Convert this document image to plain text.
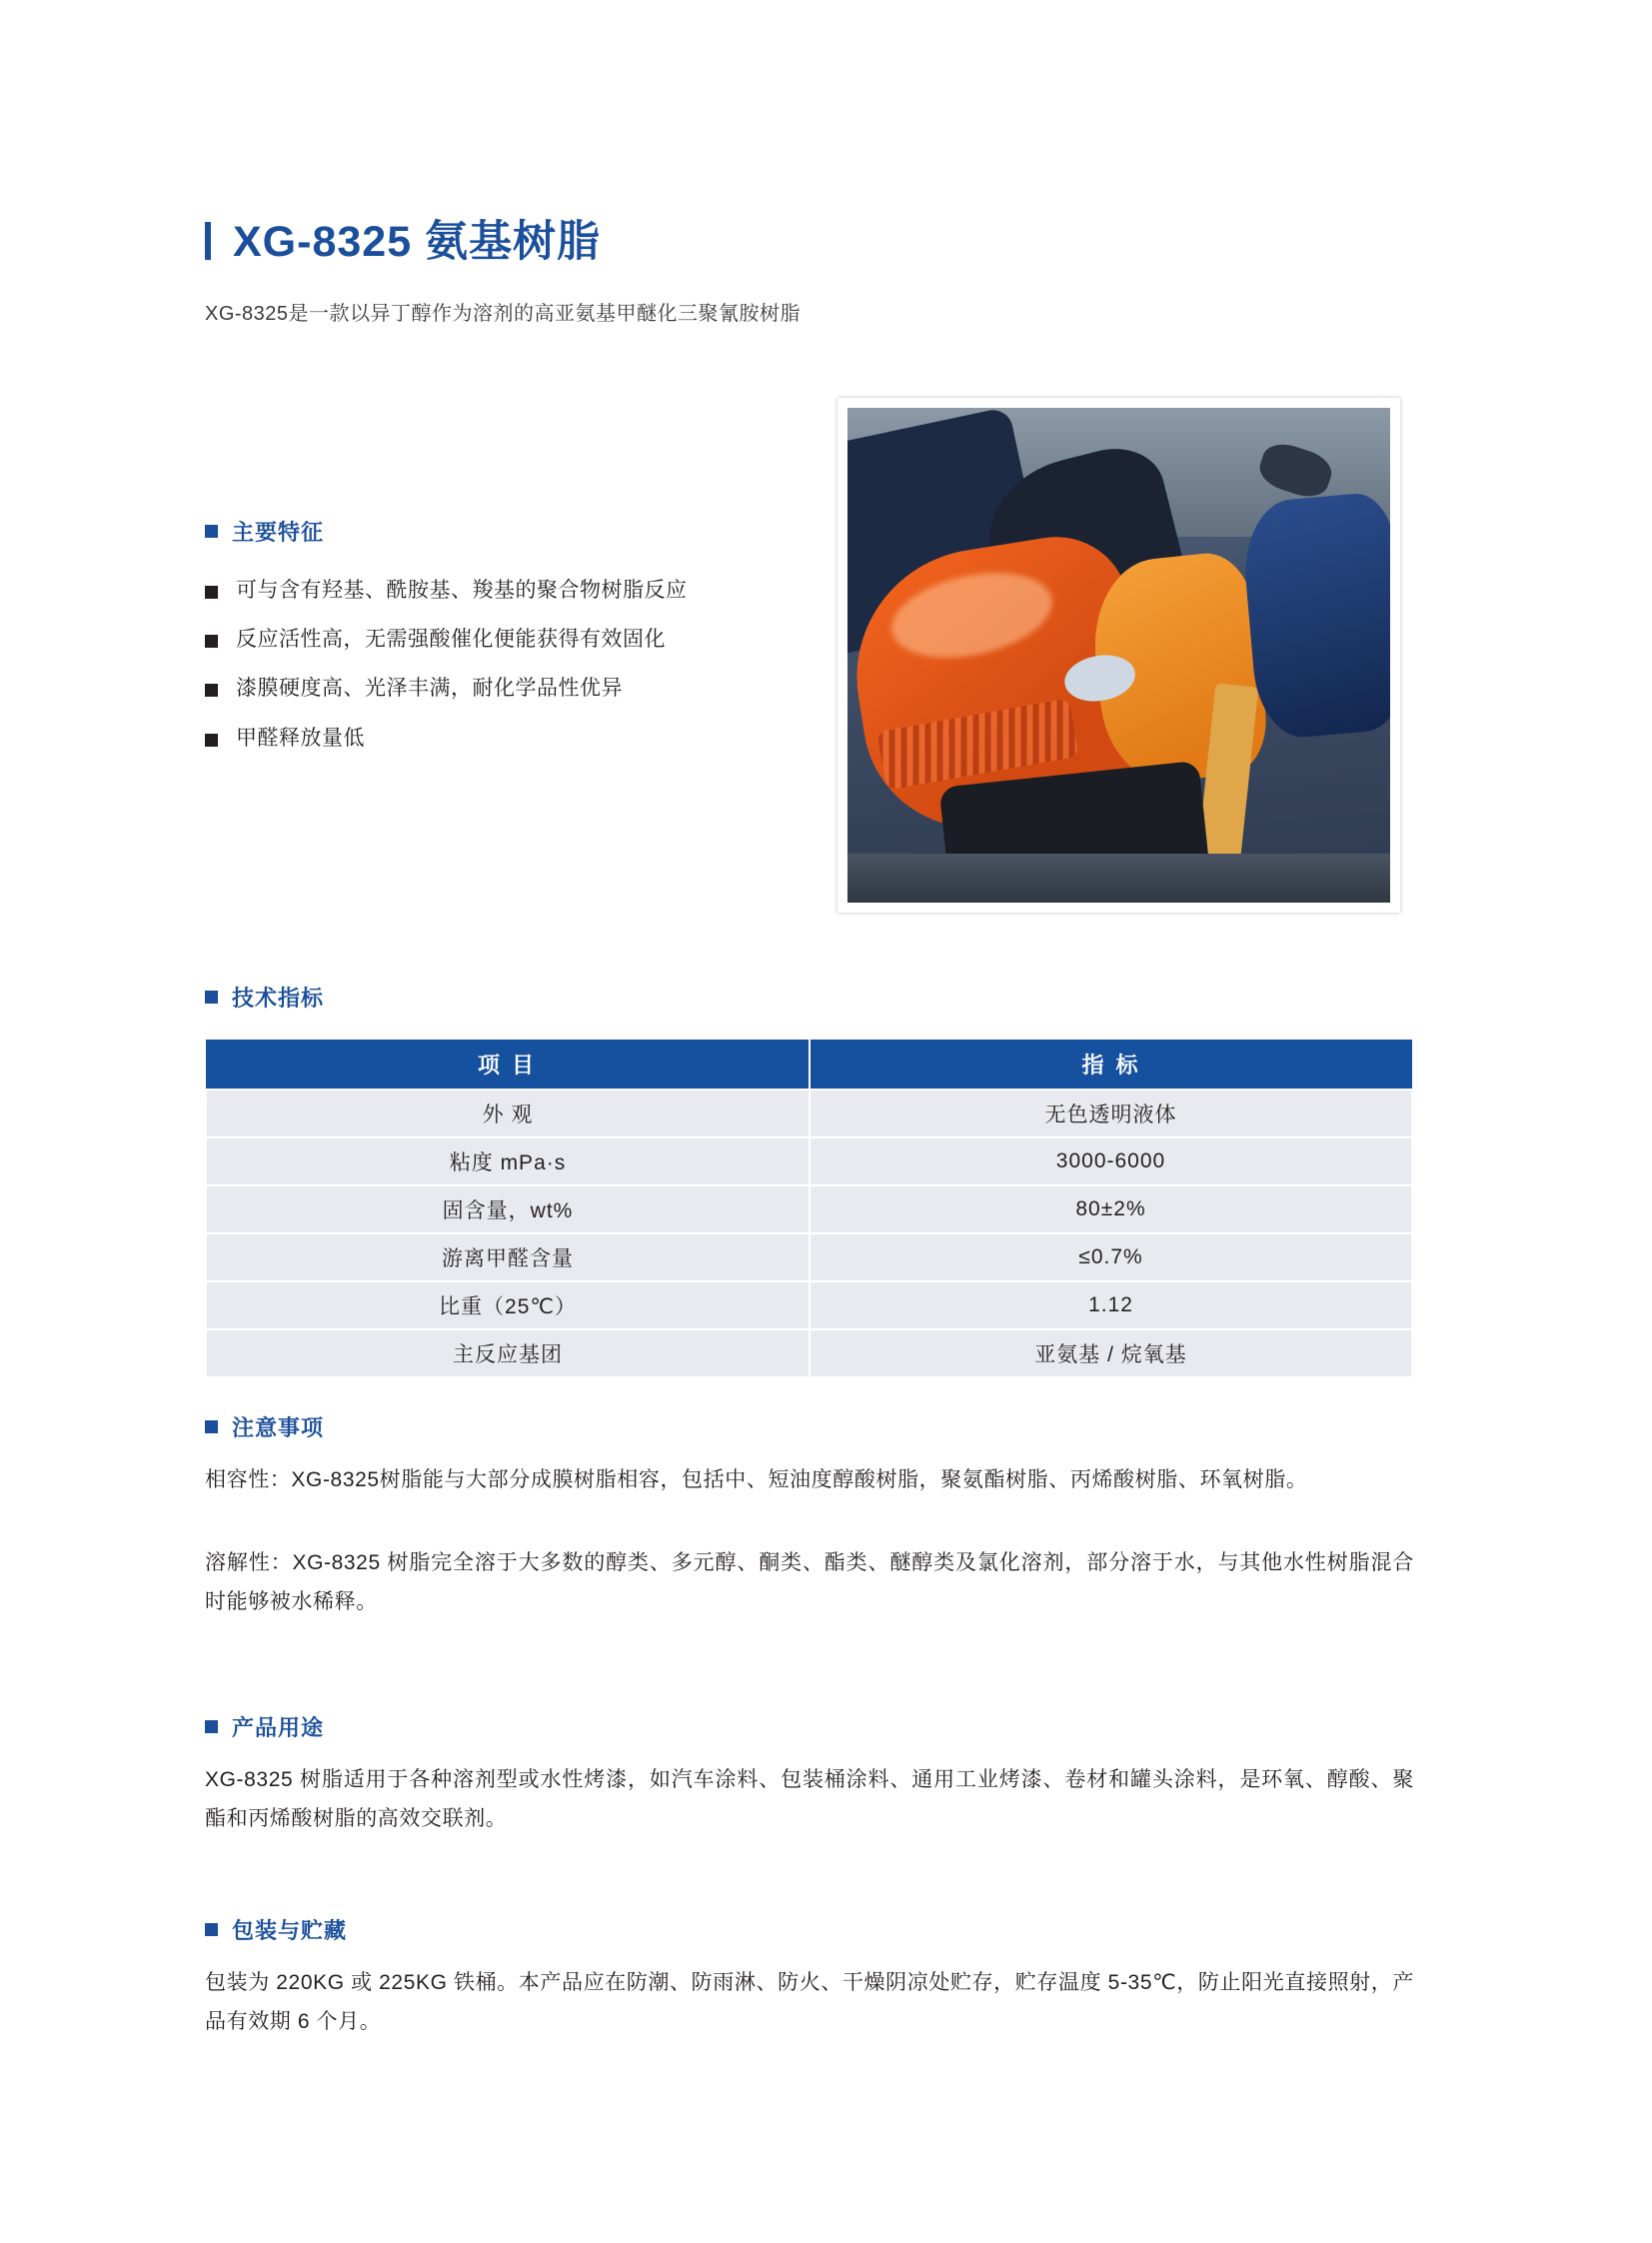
XG-8325 氨基树脂
XG-8325是一款以异丁醇作为溶剂的高亚氨基甲醚化三聚氰胺树脂
主要特征
可与含有羟基、酰胺基、羧基的聚合物树脂反应
反应活性高，无需强酸催化便能获得有效固化
漆膜硬度高、光泽丰满，耐化学品性优异
甲醛释放量低
技术指标
项 目	指 标
外 观	无色透明液体
粘度 mPa·s	3000-6000
固含量，wt%	80±2%
游离甲醛含量	≤0.7%
比重（25℃）	1.12
主反应基团	亚氨基 / 烷氧基
注意事项
相容性：XG-8325树脂能与大部分成膜树脂相容，包括中、短油度醇酸树脂，聚氨酯树脂、丙烯酸树脂、环氧树脂。
溶解性：XG-8325 树脂完全溶于大多数的醇类、多元醇、酮类、酯类、醚醇类及氯化溶剂，部分溶于水，与其他水性树脂混合时能够被水稀释。
产品用途
XG-8325 树脂适用于各种溶剂型或水性烤漆，如汽车涂料、包装桶涂料、通用工业烤漆、卷材和罐头涂料，是环氧、醇酸、聚酯和丙烯酸树脂的高效交联剂。
包装与贮藏
包装为 220KG 或 225KG 铁桶。本产品应在防潮、防雨淋、防火、干燥阴凉处贮存，贮存温度 5-35℃，防止阳光直接照射，产品有效期 6 个月。
